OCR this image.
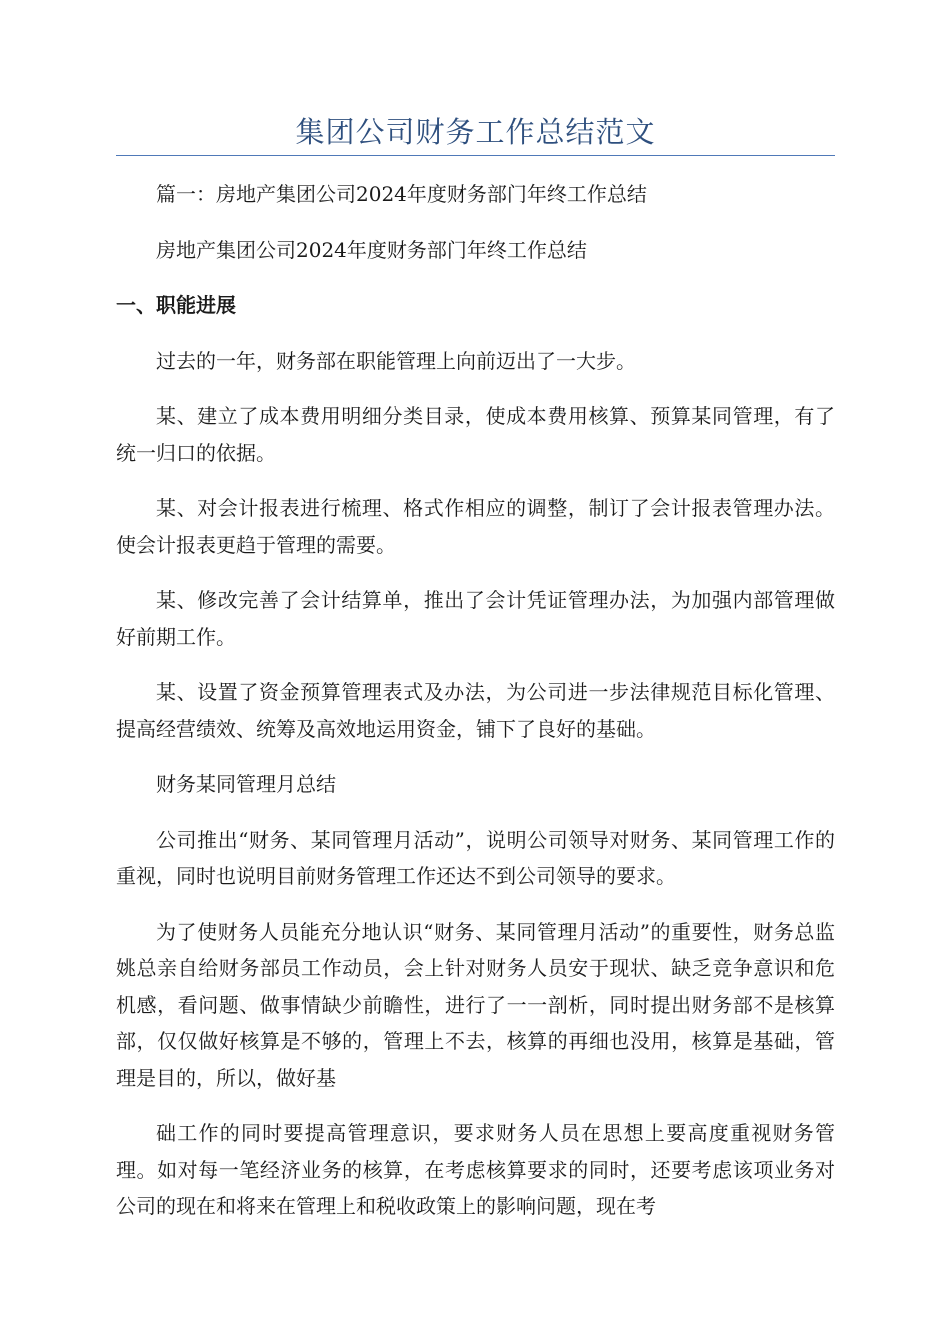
集团公司财务工作总结范文

篇一：房地产集团公司2024年度财务部门年终工作总结

房地产集团公司2024年度财务部门年终工作总结

一、职能进展

过去的一年，财务部在职能管理上向前迈出了一大步。

某、建立了成本费用明细分类目录，使成本费用核算、预算某同管理，有了统一归口的依据。

某、对会计报表进行梳理、格式作相应的调整，制订了会计报表管理办法。使会计报表更趋于管理的需要。

某、修改完善了会计结算单，推出了会计凭证管理办法，为加强内部管理做好前期工作。

某、设置了资金预算管理表式及办法，为公司进一步法律规范目标化管理、提高经营绩效、统筹及高效地运用资金，铺下了良好的基础。

财务某同管理月总结

公司推出“财务、某同管理月活动”，说明公司领导对财务、某同管理工作的重视，同时也说明目前财务管理工作还达不到公司领导的要求。

为了使财务人员能充分地认识“财务、某同管理月活动”的重要性，财务总监姚总亲自给财务部员工作动员，会上针对财务人员安于现状、缺乏竞争意识和危机感，看问题、做事情缺少前瞻性，进行了一一剖析，同时提出财务部不是核算部，仅仅做好核算是不够的，管理上不去，核算的再细也没用，核算是基础，管理是目的，所以，做好基

础工作的同时要提高管理意识，要求财务人员在思想上要高度重视财务管理。如对每一笔经济业务的核算，在考虑核算要求的同时，还要考虑该项业务对公司的现在和将来在管理上和税收政策上的影响问题，现在考
